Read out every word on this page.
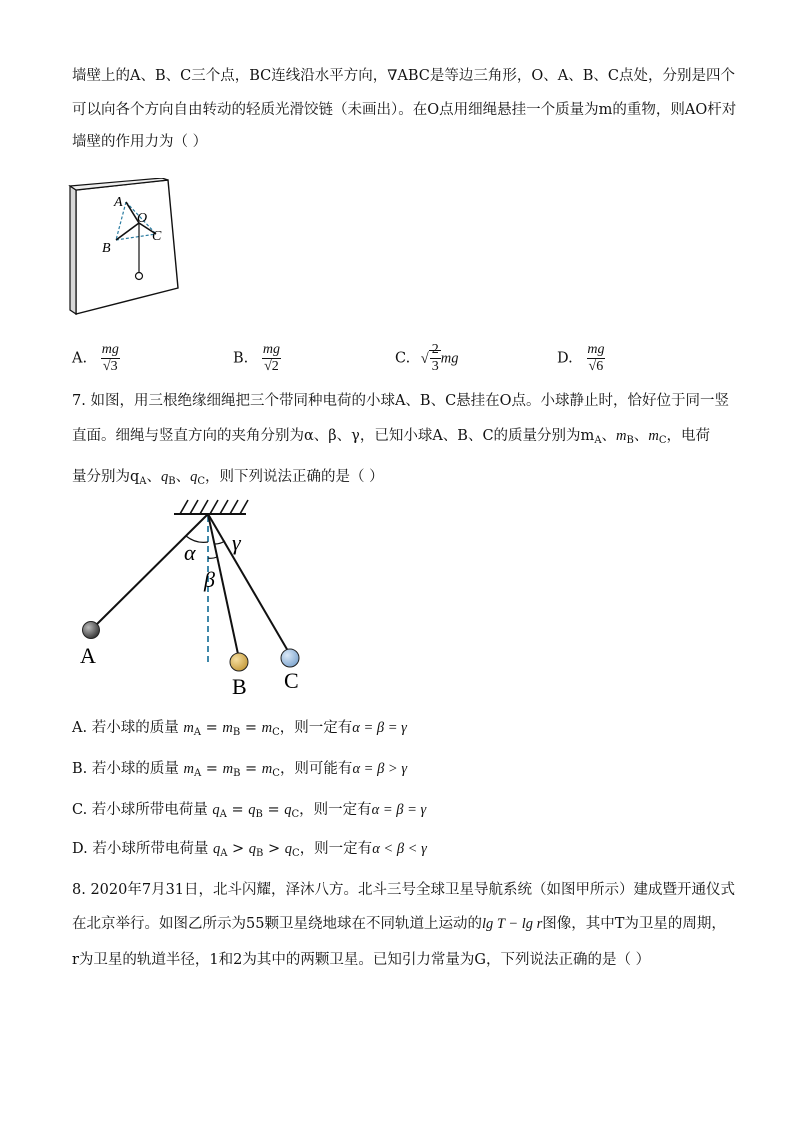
墙壁上的A、B、C三个点，BC连线沿水平方向，∇ABC是等边三角形，O、A、B、C点处，分别是四个
可以向各个方向自由转动的轻质光滑饺链（未画出）。在O点用细绳悬挂一个质量为m的重物，则AO杆对
墙壁的作用力为（ ）
A
O
B
C
A. $\frac{mg}{√3}$	B. $\frac{mg}{√2}$	C. √ $\frac{2}{3}$ mg	D. $\frac{mg}{√6}$
7. 如图，用三根绝缘细绳把三个带同种电荷的小球A、B、C悬挂在O点。小球静止时，恰好位于同一竖
直面。细绳与竖直方向的夹角分别为α、β、γ，已知小球A、B、C的质量分别为$m_A$、$m_B$、$m_C$，电荷
量分别为$q_A$、$q_B$、$q_C$，则下列说法正确的是（ ）
α
β
γ
A
B C
A. 若小球的质量 $m_A = m_B = m_C$，则一定有α = β = γ
B. 若小球的质量 $m_A = m_B = m_C$，则可能有α = β > γ
C. 若小球所带电荷量 $q_A = q_B = q_C$，则一定有α = β = γ
D. 若小球所带电荷量 $q_A > q_B > q_C$，则一定有α < β < γ
8. 2020年7月31日，北斗闪耀，泽沐八方。北斗三号全球卫星导航系统（如图甲所示）建成暨开通仪式
在北京举行。如图乙所示为55颗卫星绕地球在不同轨道上运动的lg T − lg r图像，其中T为卫星的周期，
r为卫星的轨道半径，1和2为其中的两颗卫星。已知引力常量为G，下列说法正确的是（ ）
